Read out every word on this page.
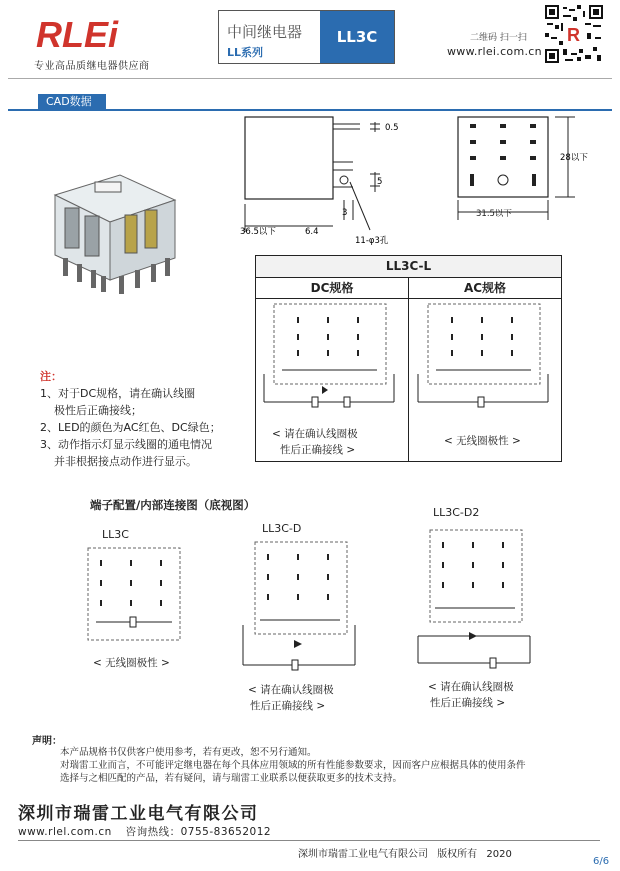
RLEi
专业高品质继电器供应商
中间继电器
LL系列
LL3C	二维码 扫一扫
www.rlei.com.cn
R
CAD数据
0.5
5
3
36.5以下	6.4
11-φ3孔
28以下
31.5以下
注：
1、对于DC规格，请在确认线圈
极性后正确接线；
2、LED的颜色为AC红色、DC绿色；
3、动作指示灯显示线圈的通电情况
并非根据接点动作进行显示。
LL3C-L
DC规格	AC规格
< 请在确认线圈极
性后正确接线 >
< 无线圈极性 >
端子配置/内部连接图（底视图）
LL3C
< 无线圈极性 >
LL3C-D
< 请在确认线圈极
性后正确接线 >
LL3C-D2
< 请在确认线圈极
性后正确接线 >
声明：
本产品规格书仅供客户使用参考，若有更改，恕不另行通知。
对瑞雷工业而言，不可能评定继电器在每个具体应用领域的所有性能参数要求，因而客户应根据具体的使用条件
选择与之相匹配的产品，若有疑问，请与瑞雷工业联系以便获取更多的技术支持。
深圳市瑞雷工业电气有限公司
www.rlel.com.cn 咨询热线：0755-83652012
深圳市瑞雷工业电气有限公司 版权所有 2020
6/6
